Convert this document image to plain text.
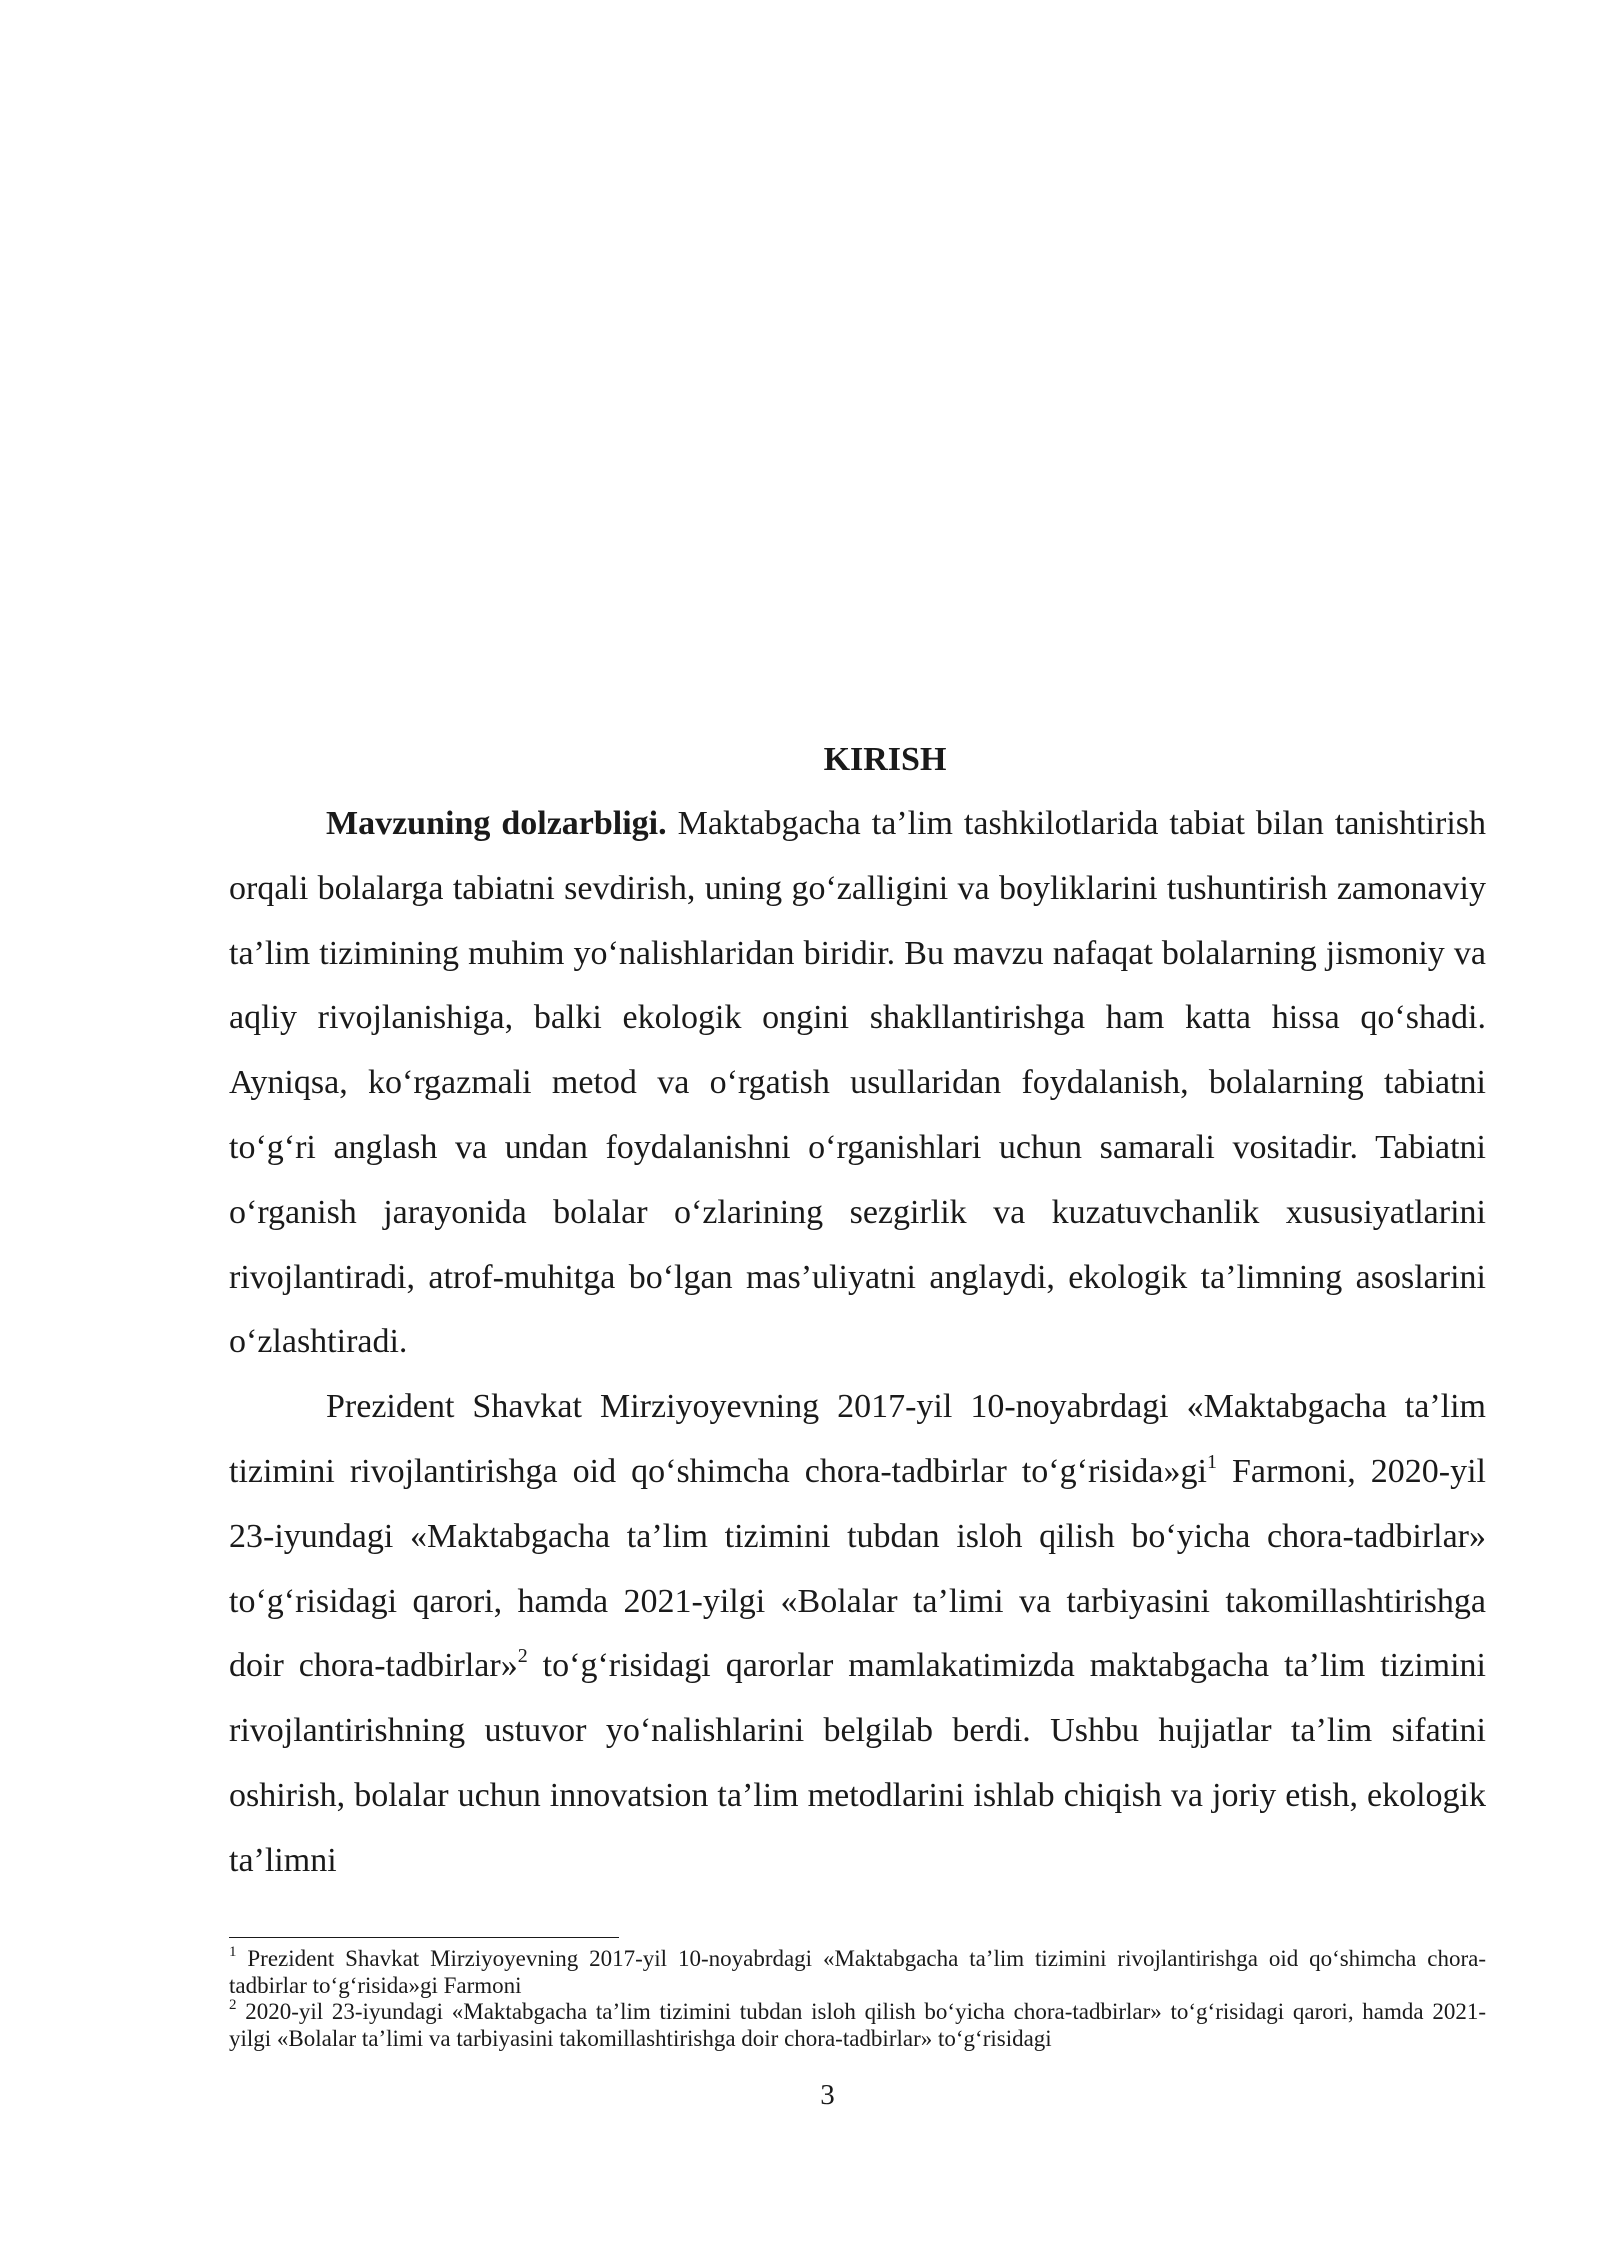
KIRISH

Mavzuning dolzarbligi. Maktabgacha ta’lim tashkilotlarida tabiat bilan tanishtirish orqali bolalarga tabiatni sevdirish, uning go‘zalligini va boyliklarini tushuntirish zamonaviy ta’lim tizimining muhim yo‘nalishlaridan biridir. Bu mavzu nafaqat bolalarning jismoniy va aqliy rivojlanishiga, balki ekologik ongini shakllantirishga ham katta hissa qo‘shadi. Ayniqsa, ko‘rgazmali metod va o‘rgatish usullaridan foydalanish, bolalarning tabiatni to‘g‘ri anglash va undan foydalanishni o‘rganishlari uchun samarali vositadir. Tabiatni o‘rganish jarayonida bolalar o‘zlarining sezgirlik va kuzatuvchanlik xususiyatlarini rivojlantiradi, atrof-muhitga bo‘lgan mas’uliyatni anglaydi, ekologik ta’limning asoslarini o‘zlashtiradi.

Prezident Shavkat Mirziyoyevning 2017-yil 10-noyabrdagi «Maktabgacha ta’lim tizimini rivojlantirishga oid qo‘shimcha chora-tadbirlar $to‘g‘risida»gi^1$ Farmoni, 2020-yil 23-iyundagi «Maktabgacha ta’lim tizimini tubdan isloh qilish bo‘yicha chora-tadbirlar» to‘g‘risidagi qarori, hamda 2021-yilgi «Bolalar ta’limi va tarbiyasini takomillashtirishga doir chora-tadbirlar»$^2$ to‘g‘risidagi qarorlar mamlakatimizda maktabgacha ta’lim tizimini rivojlantirishning ustuvor yo‘nalishlarini belgilab berdi. Ushbu hujjatlar ta’lim sifatini oshirish, bolalar uchun innovatsion ta’lim metodlarini ishlab chiqish va joriy etish, ekologik ta’limni

$^1$ Prezident Shavkat Mirziyoyevning 2017-yil 10-noyabrdagi «Maktabgacha ta’lim tizimini rivojlantirishga oid qo‘shimcha chora-tadbirlar to‘g‘risida»gi Farmoni

$^2$ 2020-yil 23-iyundagi «Maktabgacha ta’lim tizimini tubdan isloh qilish bo‘yicha chora-tadbirlar» to‘g‘risidagi qarori, hamda 2021-yilgi «Bolalar ta’limi va tarbiyasini takomillashtirishga doir chora-tadbirlar» to‘g‘risidagi

3
